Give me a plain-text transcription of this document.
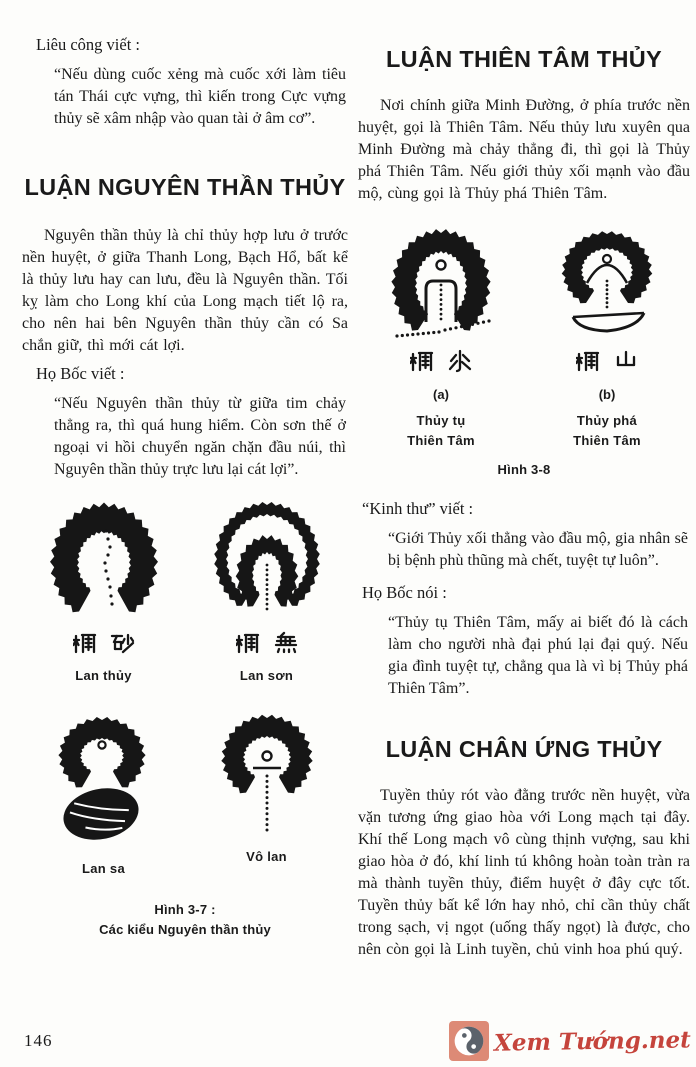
Liêu công viết :
“Nếu dùng cuốc xẻng mà cuốc xới làm tiêu tán Thái cực vựng, thì kiến trong Cực vựng thủy sẽ xâm nhập vào quan tài ở âm cơ”.
LUẬN NGUYÊN THẦN THỦY
Nguyên thần thủy là chỉ thủy hợp lưu ở trước nền huyệt, ở giữa Thanh Long, Bạch Hổ, bất kể là thủy lưu hay can lưu, đều là Nguyên thần. Tối kỵ làm cho Long khí của Long mạch tiết lộ ra, cho nên hai bên Nguyên thần thủy cần có Sa chắn giữ, thì mới cát lợi.
Họ Bốc viết :
“Nếu Nguyên thần thủy từ giữa tim chảy thẳng ra, thì quá hung hiểm. Còn sơn thế ở ngoại vi hồi chuyển ngăn chặn đầu núi, thì Nguyên thần thủy trực lưu lại cát lợi”.
Lan thủy	Lan sơn
Lan sa
Vô lan
Hình 3-7 :
Các kiểu Nguyên thần thủy
LUẬN THIÊN TÂM THỦY
Nơi chính giữa Minh Đường, ở phía trước nền huyệt, gọi là Thiên Tâm. Nếu thủy lưu xuyên qua Minh Đường mà chảy thẳng đi, thì gọi là Thủy phá Thiên Tâm. Nếu giới thủy xối mạnh vào đầu mộ, cùng gọi là Thủy phá Thiên Tâm.
(a)
Thủy tụ
Thiên Tâm
(b)
Thủy phá
Thiên Tâm
Hình 3-8
“Kinh thư” viết :
“Giới Thủy xối thẳng vào đầu mộ, gia nhân sẽ bị bệnh phù thũng mà chết, tuyệt tự luôn”.
Họ Bốc nói :
“Thủy tụ Thiên Tâm, mấy ai biết đó là cách làm cho người nhà đại phú lại đại quý. Nếu gia đình tuyệt tự, chẳng qua là vì bị Thủy phá Thiên Tâm”.
LUẬN CHÂN ỨNG THỦY
Tuyền thủy rót vào đằng trước nền huyệt, vừa vặn tương ứng giao hòa với Long mạch tại đây. Khí thế Long mạch vô cùng thịnh vượng, sau khi giao hòa ở đó, khí linh tú không hoàn toàn tràn ra mà thành tuyền thủy, điểm huyệt ở đây cực tốt. Tuyền thủy bất kể lớn hay nhỏ, chỉ cần thủy chất trong sạch, vị ngọt (uống thấy ngọt) là được, cho nên còn gọi là Linh tuyền, chủ vinh hoa phú quý.
146	Xem Tướng.net
